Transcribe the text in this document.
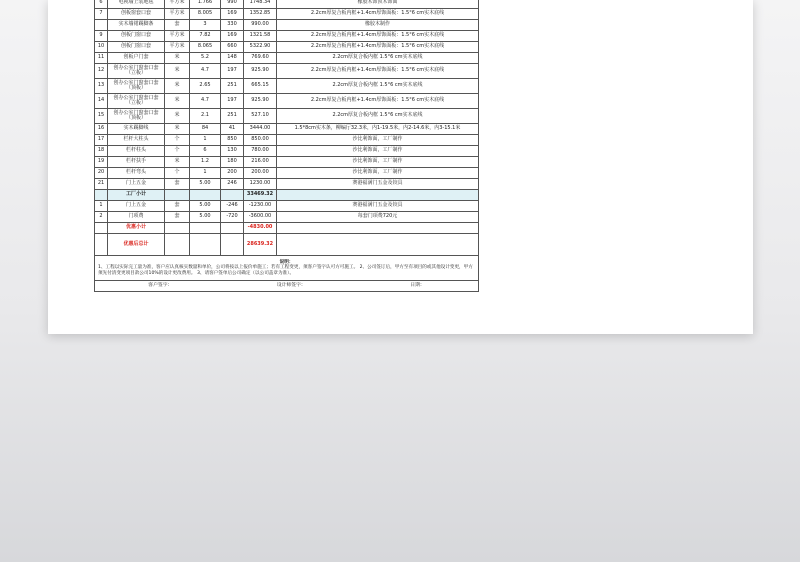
6	电视墙上装地毯	平方米	1.766	990	1748.34	橡胶木饰顶木饰面
7	创板窗套口套	平方米	8.005	169	1352.85	2.2cm厚复合板内框+1.4cm厚饰面板：1.5°6 cm实木底线
	实木墙裙踢脚条	套	3	330	990.00	橡胶木制作
9	创板门窗口套	平方米	7.82	169	1321.58	2.2cm厚复合板内框+1.4cm厚饰面板：1.5°6 cm实木底线
10	创板门窗口套	平方米	8.065	660	5322.90	2.2cm厚复合板内框+1.4cm厚饰面板：1.5°6 cm实木底线
11	创板户门套	米	5.2	148	769.60	2.2cm厚复合板内框 1.5°6 cm实木底线
12	创办公室门窗套口套（立板）	米	4.7	197	925.90	2.2cm厚复合板内框+1.4cm厚饰面板：1.5°6 cm实木底线
13	创办公室门窗套口套（顶板）	米	2.65	251	665.15	2.2cm厚复合板内框 1.5°6 cm实木底线
14	创办公室门窗套口套（立板）	米	4.7	197	925.90	2.2cm厚复合板内框+1.4cm厚饰面板：1.5°6 cm实木底线
15	创办公室门窗套口套（顶板）	米	2.1	251	527.10	2.2cm厚复合板内框 1.5°6 cm实木底线
16	实木踢脚线	米	84	41	3444.00	1.5*8cm实木条，柳编厅32.3米，内1-19.5米，内2-14.6米，内3-15.1米
17	栏杆大柱头	个	1	850	850.00	沙比利饰面，工厂制作
18	栏杆柱头	个	6	130	780.00	沙比利饰面，工厂制作
19	栏杆扶手	米	1.2	180	216.00	沙比利饰面，工厂制作
20	栏杆弯头	个	1	200	200.00	沙比利饰面，工厂制作
21	门上五金	套	5.00	246	1230.00	赛港福满门五金及铰具
	工厂小计				33469.32	
1	门上五金	套	5.00	-246	-1230.00	赛港福满门五金及铰具
2	门项费	套	5.00	-720	-3600.00	每套门项费720元
	优惠小计				-4830.00	
	优惠后总计				28639.32	

说明：
1、工程以实际完工量为准，客户应认真核实数量和单价，公司将按以上报价单施工；若有工程变更，须客户签字认可方可施工。 2、公司签订后，甲方至有项目的或其他设计变更，甲方须先付清变更项目款公司10%的设计更改费用。 3、请客户签单后公司确定（以公司盖章为准）。						

客户签字： 设计师签字： 日期：						
